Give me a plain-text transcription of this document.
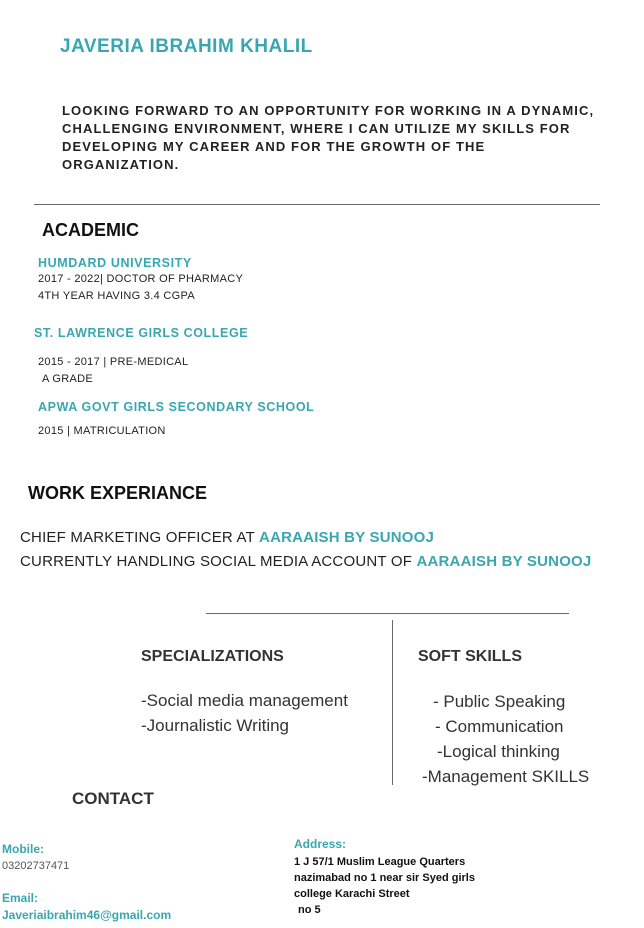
JAVERIA IBRAHIM KHALIL
LOOKING FORWARD TO AN OPPORTUNITY FOR WORKING IN A DYNAMIC, CHALLENGING ENVIRONMENT, WHERE I CAN UTILIZE MY SKILLS FOR DEVELOPING MY CAREER AND FOR THE GROWTH OF THE ORGANIZATION.
ACADEMIC
HUMDARD UNIVERSITY
2017 - 2022| DOCTOR OF PHARMACY
4TH YEAR HAVING 3.4 CGPA
ST. LAWRENCE GIRLS COLLEGE
2015 - 2017 | PRE-MEDICAL
A GRADE
APWA GOVT GIRLS SECONDARY SCHOOL
2015 | MATRICULATION
WORK EXPERIANCE
CHIEF MARKETING OFFICER AT AARAAISH BY SUNOOJ
CURRENTLY HANDLING SOCIAL MEDIA ACCOUNT OF AARAAISH BY SUNOOJ
SPECIALIZATIONS
-Social media management
-Journalistic Writing
SOFT SKILLS
- Public Speaking
- Communication
-Logical thinking
-Management SKILLS
CONTACT
Mobile:
03202737471
Email:
Javeriaibrahim46@gmail.com
Address:
1 J 57/1 Muslim League Quarters
nazimabad no 1 near sir Syed girls
college Karachi Street
no 5
